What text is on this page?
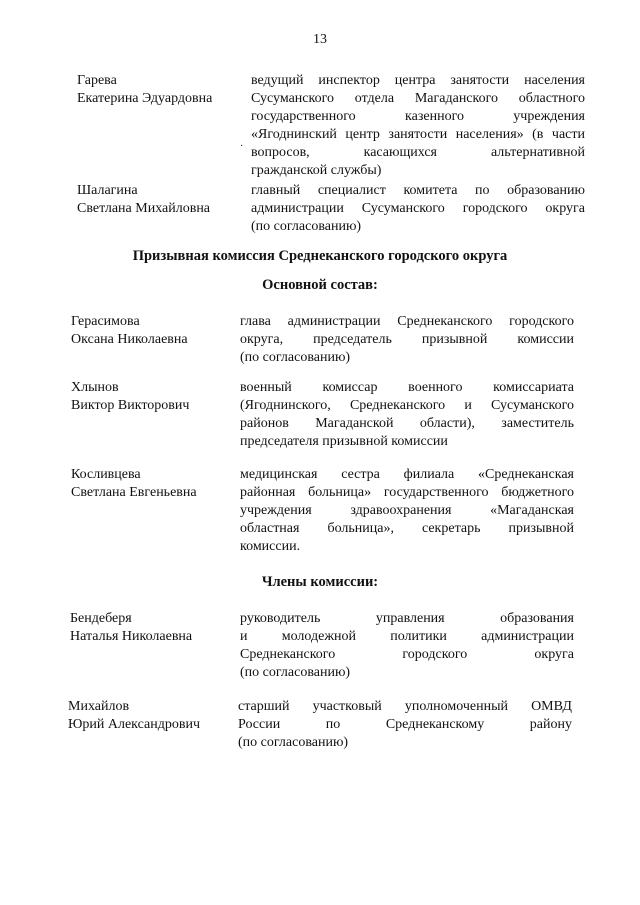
13
Гарева
Екатерина Эдуардовна
ведущий инспектор центра занятости населения
Сусуманского отдела Магаданского областного
государственного казенного учреждения
«Ягоднинский центр занятости населения» (в части
вопросов, касающихся альтернативной
гражданской службы)
·
Шалагина
Светлана Михайловна
главный специалист комитета по образованию
администрации Сусуманского городского округа
(по согласованию)
Призывная комиссия Среднеканского городского округа
Основной состав:
Герасимова
Оксана Николаевна
глава администрации Среднеканского городского
округа, председатель призывной комиссии
(по согласованию)
Хлынов
Виктор Викторович
военный комиссар военного комиссариата
(Ягоднинского, Среднеканского и Сусуманского
районов Магаданской области), заместитель
председателя призывной комиссии
Косливцева
Светлана Евгеньевна
медицинская сестра филиала «Среднеканская
районная больница» государственного бюджетного
учреждения здравоохранения «Магаданская
областная больница», секретарь призывной
комиссии.
Члены комиссии:
Бендеберя
Наталья Николаевна
руководитель управления образования
и молодежной политики администрации
Среднеканского городского округа
(по согласованию)
Михайлов
Юрий Александрович
старший участковый уполномоченный ОМВД
России по Среднеканскому району
(по согласованию)
